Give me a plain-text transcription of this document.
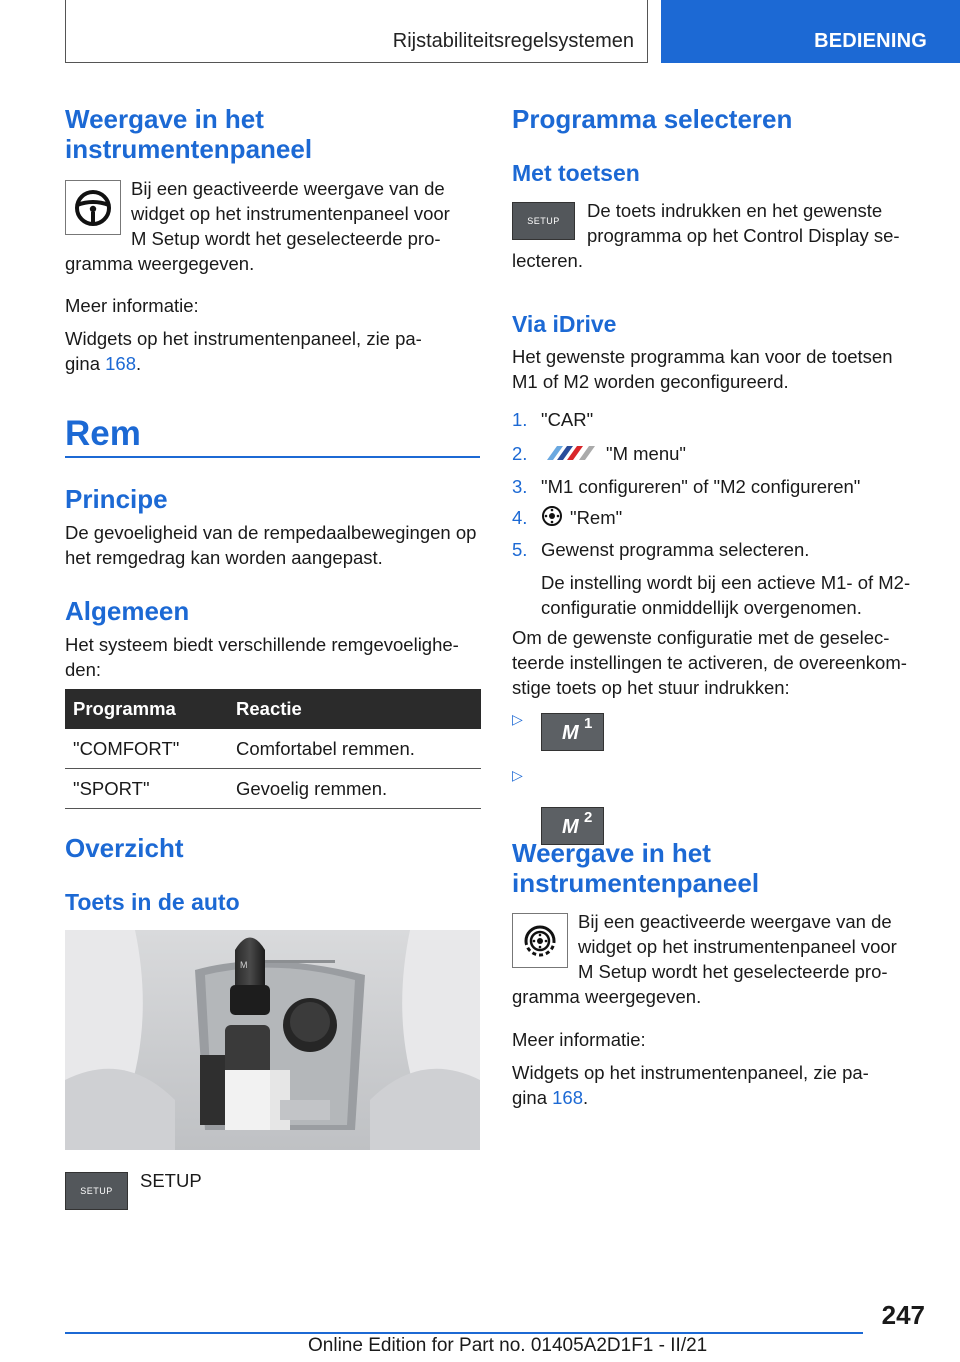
Rijstabiliteitsregelsystemen	BEDIENING
Weergave in het
instrumentenpaneel
Bij een geactiveerde weergave van de
widget op het instrumentenpaneel voor
M Setup wordt het geselecteerde pro-
gramma weergegeven.
Meer informatie:
Widgets op het instrumentenpaneel, zie pa-
gina 168.
Rem
Principe
De gevoeligheid van de rempedaalbewegingen op het remgedrag kan worden aangepast.
Algemeen
Het systeem biedt verschillende remgevoelighe-den:
Programma	Reactie
"COMFORT"	Comfortabel remmen.
"SPORT"	Gevoelig remmen.
Overzicht
Toets in de auto
M
SETUP SETUP
Programma selecteren
Met toetsen
SETUP De toets indrukken en het gewenste
programma op het Control Display se-
lecteren.
Via iDrive
Het gewenste programma kan voor de toetsen M1 of M2 worden geconfigureerd.
1. "CAR"
2.	"M menu"
3. "M1 configureren" of "M2 configureren"
4. "Rem"
5. Gewenst programma selecteren.
De instelling wordt bij een actieve M1- of M2-configuratie onmiddellijk overgenomen.
Om de gewenste configuratie met de geselec-teerde instellingen te activeren, de overeenkom-stige toets op het stuur indrukken:
▷
M 1
▷
M 2
Weergave in het
instrumentenpaneel
Bij een geactiveerde weergave van de
widget op het instrumentenpaneel voor
M Setup wordt het geselecteerde pro-
gramma weergegeven.
Meer informatie:
Widgets op het instrumentenpaneel, zie pa-
gina 168.
247
Online Edition for Part no. 01405A2D1F1 - II/21
